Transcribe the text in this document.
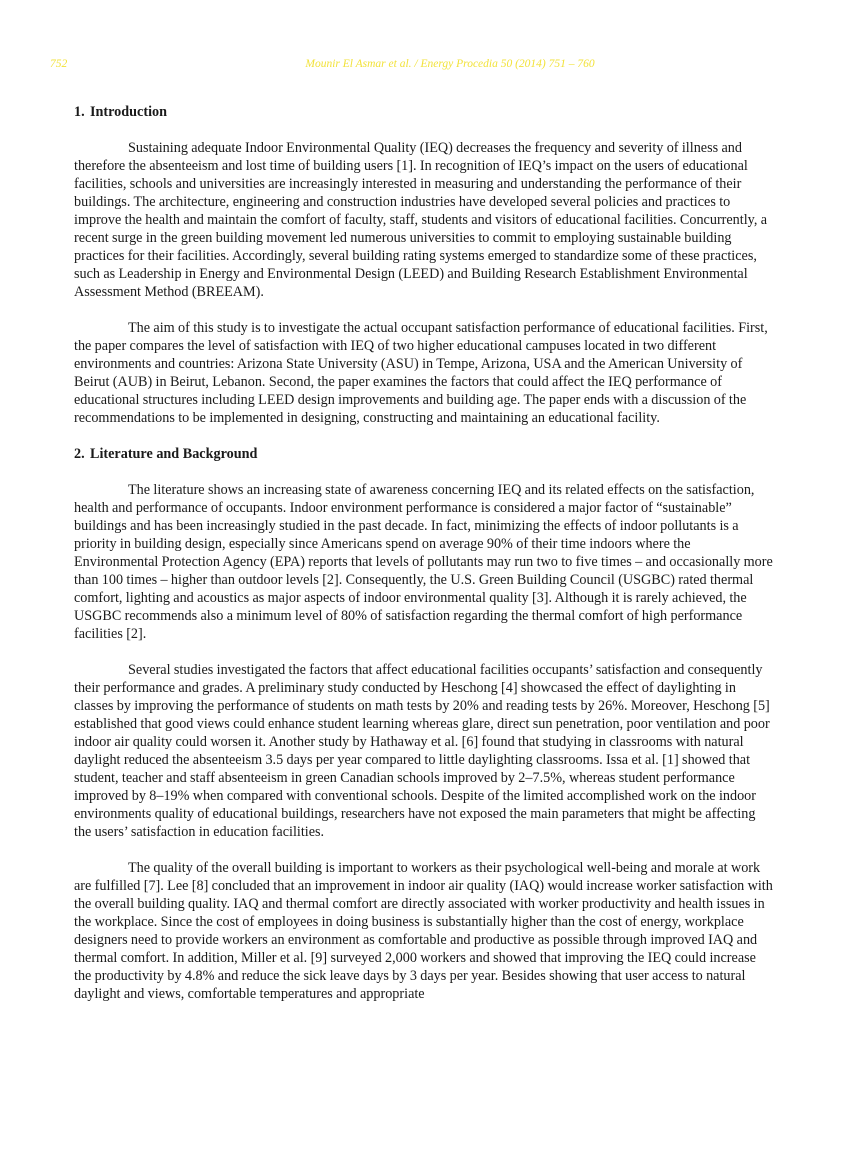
752	Mounir El Asmar et al. / Energy Procedia 50 (2014) 751 – 760
1. Introduction

Sustaining adequate Indoor Environmental Quality (IEQ) decreases the frequency and severity of illness and therefore the absenteeism and lost time of building users [1]. In recognition of IEQ’s impact on the users of educational facilities, schools and universities are increasingly interested in measuring and understanding the performance of their buildings. The architecture, engineering and construction industries have developed several policies and practices to improve the health and maintain the comfort of faculty, staff, students and visitors of educational facilities. Concurrently, a recent surge in the green building movement led numerous universities to commit to employing sustainable building practices for their facilities. Accordingly, several building rating systems emerged to standardize some of these practices, such as Leadership in Energy and Environmental Design (LEED) and Building Research Establishment Environmental Assessment Method (BREEAM).

The aim of this study is to investigate the actual occupant satisfaction performance of educational facilities. First, the paper compares the level of satisfaction with IEQ of two higher educational campuses located in two different environments and countries: Arizona State University (ASU) in Tempe, Arizona, USA and the American University of Beirut (AUB) in Beirut, Lebanon. Second, the paper examines the factors that could affect the IEQ performance of educational structures including LEED design improvements and building age. The paper ends with a discussion of the recommendations to be implemented in designing, constructing and maintaining an educational facility.

2. Literature and Background

The literature shows an increasing state of awareness concerning IEQ and its related effects on the satisfaction, health and performance of occupants. Indoor environment performance is considered a major factor of “sustainable” buildings and has been increasingly studied in the past decade. In fact, minimizing the effects of indoor pollutants is a priority in building design, especially since Americans spend on average 90% of their time indoors where the Environmental Protection Agency (EPA) reports that levels of pollutants may run two to five times – and occasionally more than 100 times – higher than outdoor levels [2]. Consequently, the U.S. Green Building Council (USGBC) rated thermal comfort, lighting and acoustics as major aspects of indoor environmental quality [3]. Although it is rarely achieved, the USGBC recommends also a minimum level of 80% of satisfaction regarding the thermal comfort of high performance facilities [2].

Several studies investigated the factors that affect educational facilities occupants’ satisfaction and consequently their performance and grades. A preliminary study conducted by Heschong [4] showcased the effect of daylighting in classes by improving the performance of students on math tests by 20% and reading tests by 26%. Moreover, Heschong [5] established that good views could enhance student learning whereas glare, direct sun penetration, poor ventilation and poor indoor air quality could worsen it. Another study by Hathaway et al. [6] found that studying in classrooms with natural daylight reduced the absenteeism 3.5 days per year compared to little daylighting classrooms. Issa et al. [1] showed that student, teacher and staff absenteeism in green Canadian schools improved by 2–7.5%, whereas student performance improved by 8–19% when compared with conventional schools. Despite of the limited accomplished work on the indoor environments quality of educational buildings, researchers have not exposed the main parameters that might be affecting the users’ satisfaction in education facilities.

The quality of the overall building is important to workers as their psychological well-being and morale at work are fulfilled [7]. Lee [8] concluded that an improvement in indoor air quality (IAQ) would increase worker satisfaction with the overall building quality. IAQ and thermal comfort are directly associated with worker productivity and health issues in the workplace. Since the cost of employees in doing business is substantially higher than the cost of energy, workplace designers need to provide workers an environment as comfortable and productive as possible through improved IAQ and thermal comfort. In addition, Miller et al. [9] surveyed 2,000 workers and showed that improving the IEQ could increase the productivity by 4.8% and reduce the sick leave days by 3 days per year. Besides showing that user access to natural daylight and views, comfortable temperatures and appropriate
